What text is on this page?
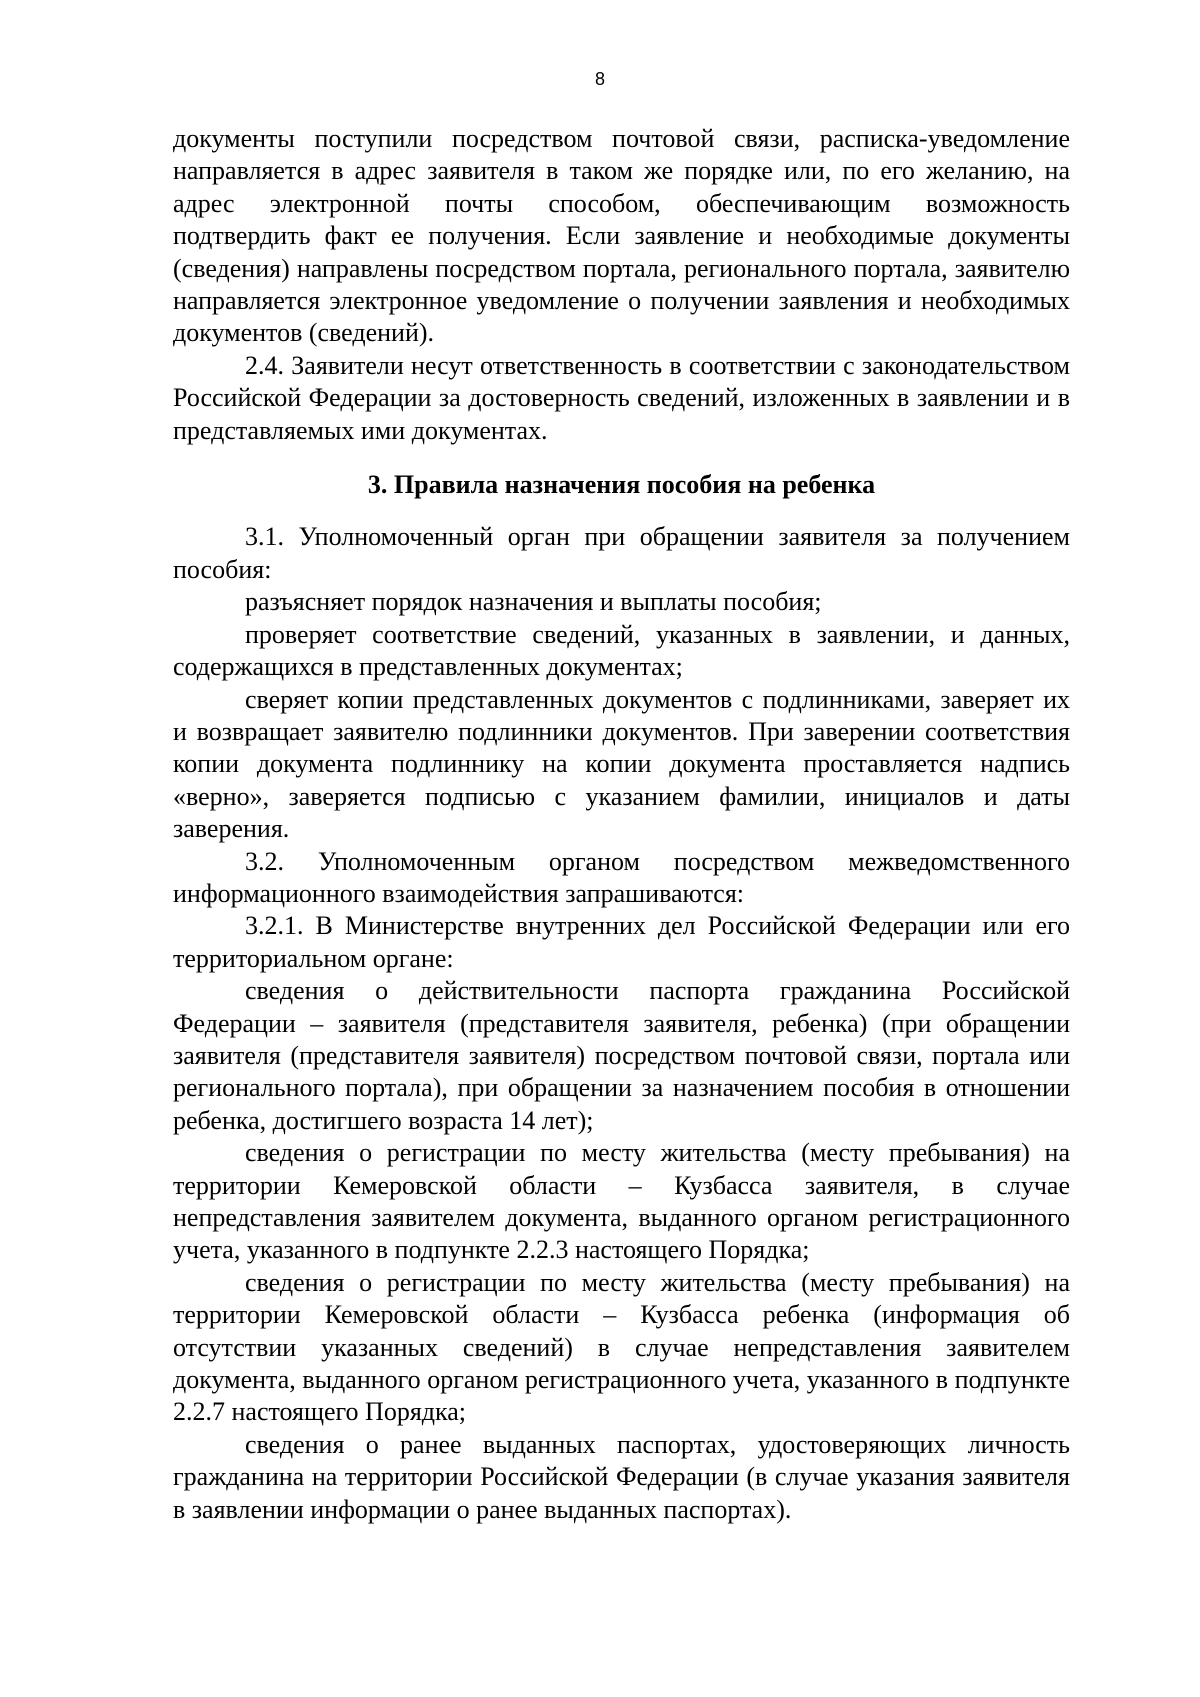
8

документы поступили посредством почтовой связи, расписка-уведомление направляется в адрес заявителя в таком же порядке или, по его желанию, на адрес электронной почты способом, обеспечивающим возможность подтвердить факт ее получения. Если заявление и необходимые документы (сведения) направлены посредством портала, регионального портала, заявителю направляется электронное уведомление о получении заявления и необходимых документов (сведений).

2.4. Заявители несут ответственность в соответствии с законодательством Российской Федерации за достоверность сведений, изложенных в заявлении и в представляемых ими документах.

3. Правила назначения пособия на ребенка

3.1. Уполномоченный орган при обращении заявителя за получением пособия:

разъясняет порядок назначения и выплаты пособия;

проверяет соответствие сведений, указанных в заявлении, и данных, содержащихся в представленных документах;

сверяет копии представленных документов с подлинниками, заверяет их и возвращает заявителю подлинники документов. При заверении соответствия копии документа подлиннику на копии документа проставляется надпись «верно», заверяется подписью с указанием фамилии, инициалов и даты заверения.

3.2. Уполномоченным органом посредством межведомственного информационного взаимодействия запрашиваются:

3.2.1. В Министерстве внутренних дел Российской Федерации или его территориальном органе:

сведения о действительности паспорта гражданина Российской Федерации – заявителя (представителя заявителя, ребенка) (при обращении заявителя (представителя заявителя) посредством почтовой связи, портала или регионального портала), при обращении за назначением пособия в отношении ребенка, достигшего возраста 14 лет);

сведения о регистрации по месту жительства (месту пребывания) на территории Кемеровской области – Кузбасса заявителя, в случае непредставления заявителем документа, выданного органом регистрационного учета, указанного в подпункте 2.2.3 настоящего Порядка;

сведения о регистрации по месту жительства (месту пребывания) на территории Кемеровской области – Кузбасса ребенка (информация об отсутствии указанных сведений) в случае непредставления заявителем документа, выданного органом регистрационного учета, указанного в подпункте 2.2.7 настоящего Порядка;

сведения о ранее выданных паспортах, удостоверяющих личность гражданина на территории Российской Федерации (в случае указания заявителя в заявлении информации о ранее выданных паспортах).
